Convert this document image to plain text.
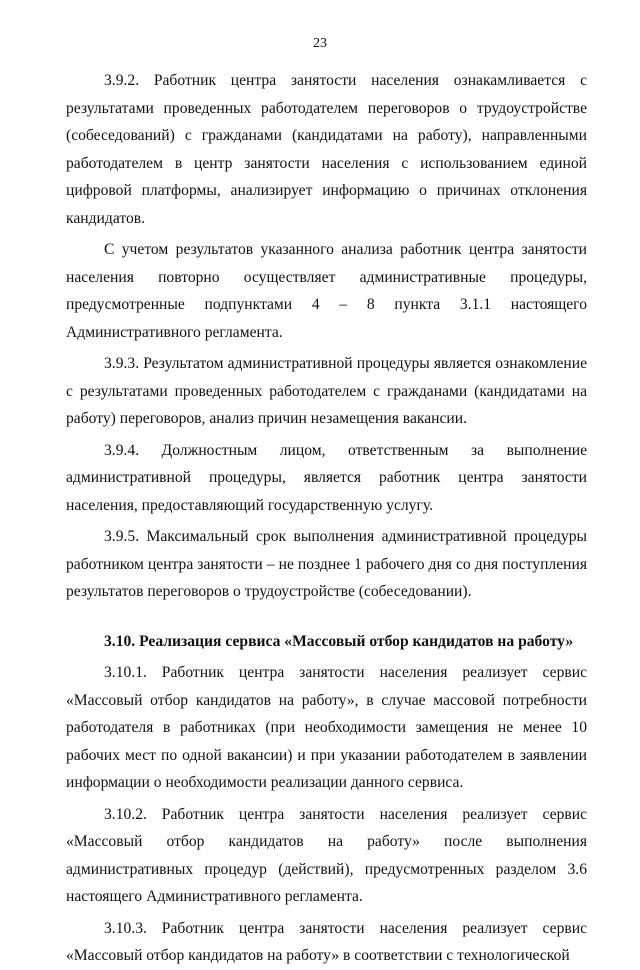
23

3.9.2. Работник центра занятости населения ознакамливается с результатами проведенных работодателем переговоров о трудоустройстве (собеседований) с гражданами (кандидатами на работу), направленными работодателем в центр занятости населения с использованием единой цифровой платформы, анализирует информацию о причинах отклонения кандидатов.

С учетом результатов указанного анализа работник центра занятости населения повторно осуществляет административные процедуры, предусмотренные подпунктами 4 – 8 пункта 3.1.1 настоящего Административного регламента.

3.9.3. Результатом административной процедуры является ознакомление с результатами проведенных работодателем с гражданами (кандидатами на работу) переговоров, анализ причин незамещения вакансии.

3.9.4. Должностным лицом, ответственным за выполнение административной процедуры, является работник центра занятости населения, предоставляющий государственную услугу.

3.9.5. Максимальный срок выполнения административной процедуры работником центра занятости – не позднее 1 рабочего дня со дня поступления результатов переговоров о трудоустройстве (собеседовании).

3.10. Реализация сервиса «Массовый отбор кандидатов на работу»

3.10.1. Работник центра занятости населения реализует сервис «Массовый отбор кандидатов на работу», в случае массовой потребности работодателя в работниках (при необходимости замещения не менее 10 рабочих мест по одной вакансии) и при указании работодателем в заявлении информации о необходимости реализации данного сервиса.

3.10.2. Работник центра занятости населения реализует сервис «Массовый отбор кандидатов на работу» после выполнения административных процедур (действий), предусмотренных разделом 3.6 настоящего Административного регламента.

3.10.3. Работник центра занятости населения реализует сервис «Массовый отбор кандидатов на работу» в соответствии с технологической
